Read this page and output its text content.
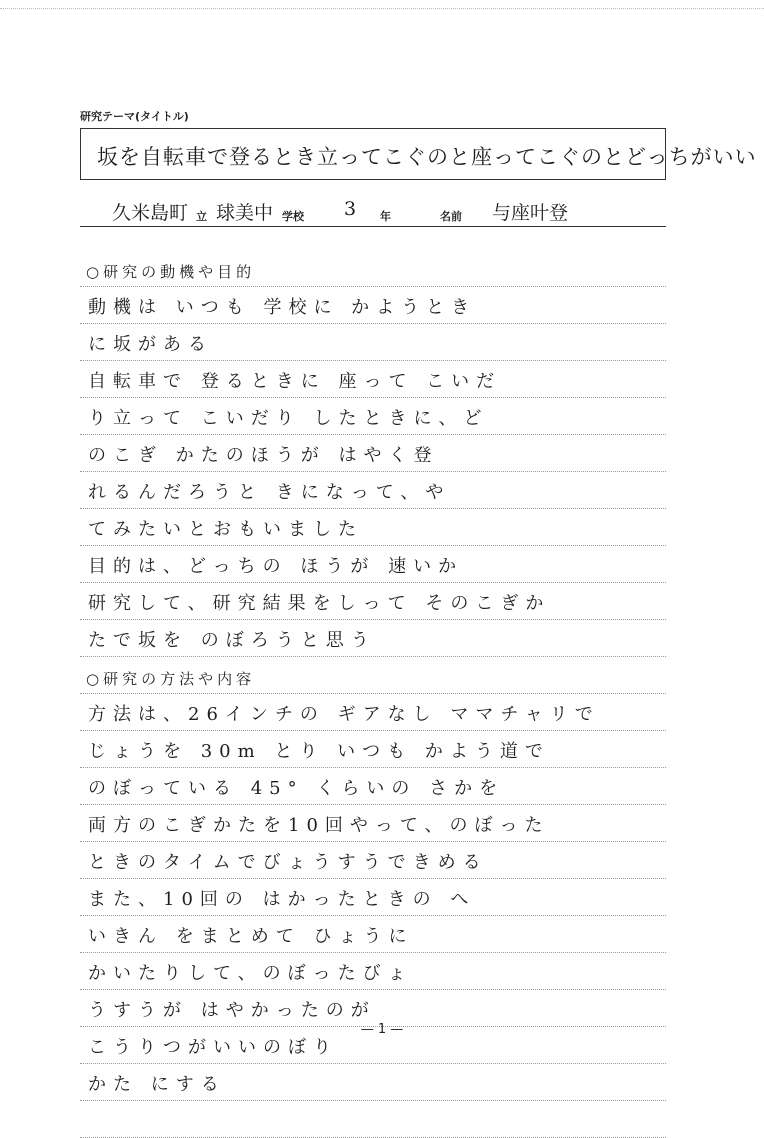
研究テーマ(タイトル)
坂を自転車で登るとき立ってこぐのと座ってこぐのとどっちがいい
久米島町 立 球美中 学校 3 年	名前 与座叶登
○研究の動機や目的
動機は いつも 学校に かようとき
に坂がある
自転車で 登るときに 座って こいだ
り立って こいだり したときに、ど
のこぎ かたのほうが はやく登
れるんだろうと きになって、や
てみたいとおもいました
目的は、どっちの ほうが 速いか
研究して、研究結果をしって そのこぎか
たで坂を のぼろうと思う
○研究の方法や内容
方法は、26インチの ギアなし ママチャリで
じょうを 30m とり いつも かよう道で
のぼっている 45° くらいの さかを
両方のこぎかたを10回やって、のぼった
ときのタイムでびょうすうできめる
また、10回の はかったときの へ
いきん をまとめて ひょうに
かいたりして、のぼったびょ
うすうが はやかったのが
こうりつがいいのぼり
かた にする
— 1 —
